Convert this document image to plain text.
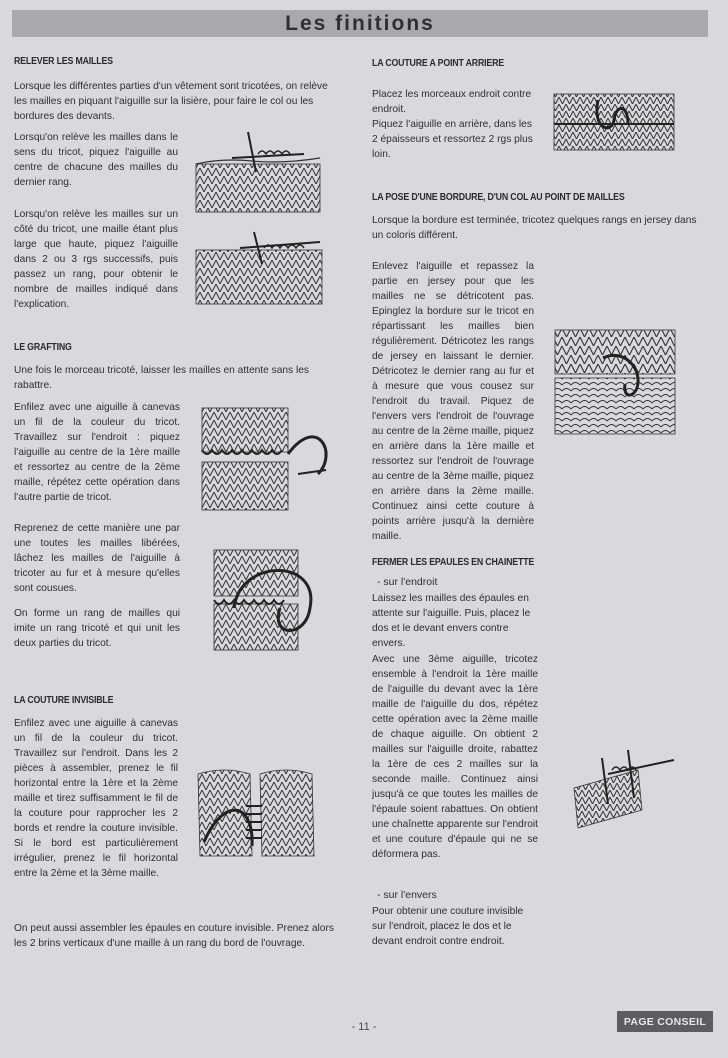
Les finitions
RELEVER LES MAILLES

Lorsque les différentes parties d'un vêtement sont tricotées, on relève les mailles en piquant l'aiguille sur la lisière, pour faire le col ou les bordures des devants.

Lorsqu'on relève les mailles dans le sens du tricot, piquez l'aiguille au centre de chacune des mailles du dernier rang.

Lorsqu'on relève les mailles sur un côté du tricot, une maille étant plus large que haute, piquez l'aiguille dans 2 ou 3 rgs successifs, puis passez un rang, pour obtenir le nombre de mailles indiqué dans l'explication.

LE GRAFTING

Une fois le morceau tricoté, laisser les mailles en attente sans les rabattre.

Enfilez avec une aiguille à canevas un fil de la couleur du tricot. Travaillez sur l'endroit : piquez l'aiguille au centre de la 1ère maille et ressortez au centre de la 2ème maille, répétez cette opération dans l'autre partie de tricot.

Reprenez de cette manière une par une toutes les mailles libérées, lâchez les mailles de l'aiguille à tricoter au fur et à mesure qu'elles sont cousues.

On forme un rang de mailles qui imite un rang tricoté et qui unit les deux parties du tricot.

LA COUTURE INVISIBLE

Enfilez avec une aiguille à canevas un fil de la couleur du tricot. Travaillez sur l'endroit. Dans les 2 pièces à assembler, prenez le fil horizontal entre la 1ère et la 2ème maille et tirez suffisamment le fil de la couture pour rapprocher les 2 bords et rendre la couture invisible. Si le bord est particulièrement irrégulier, prenez le fil horizontal entre la 2ème et la 3ème maille.

On peut aussi assembler les épaules en couture invisible. Prenez alors les 2 brins verticaux d'une maille à un rang du bord de l'ouvrage.

LA COUTURE A POINT ARRIERE

Placez les morceaux endroit contre endroit.

Piquez l'aiguille en arrière, dans les 2 épaisseurs et ressortez 2 rgs plus loin.

LA POSE D'UNE BORDURE, D'UN COL AU POINT DE MAILLES

Lorsque la bordure est terminée, tricotez quelques rangs en jersey dans un coloris différent.

Enlevez l'aiguille et repassez la partie en jersey pour que les mailles ne se détricotent pas. Epinglez la bordure sur le tricot en répartissant les mailles bien régulièrement. Détricotez les rangs de jersey en laissant le dernier. Détricotez le dernier rang au fur et à mesure que vous cousez sur l'endroit du travail. Piquez de l'envers vers l'endroit de l'ouvrage au centre de la 2ème maille, piquez en arrière dans la 1ère maille et ressortez sur l'endroit de l'ouvrage au centre de la 3ème maille, piquez en arrière dans la 2ème maille. Continuez ainsi cette couture à points arrière jusqu'à la dernière maille.

FERMER LES EPAULES EN CHAINETTE
- sur l'endroit

Laissez les mailles des épaules en attente sur l'aiguille. Puis, placez le dos et le devant envers contre envers.

Avec une 3ème aiguille, tricotez ensemble à l'endroit la 1ère maille de l'aiguille du devant avec la 1ère maille de l'aiguille du dos, répétez cette opération avec la 2ème maille de chaque aiguille. On obtient 2 mailles sur l'aiguille droite, rabattez la 1ère de ces 2 mailles sur la seconde maille. Continuez ainsi jusqu'à ce que toutes les mailles de l'épaule soient rabattues. On obtient une chaînette apparente sur l'endroit et une couture d'épaule qui ne se déformera pas.

- sur l'envers

Pour obtenir une couture invisible sur l'endroit, placez le dos et le devant endroit contre endroit.

- 11 -	PAGE CONSEIL
